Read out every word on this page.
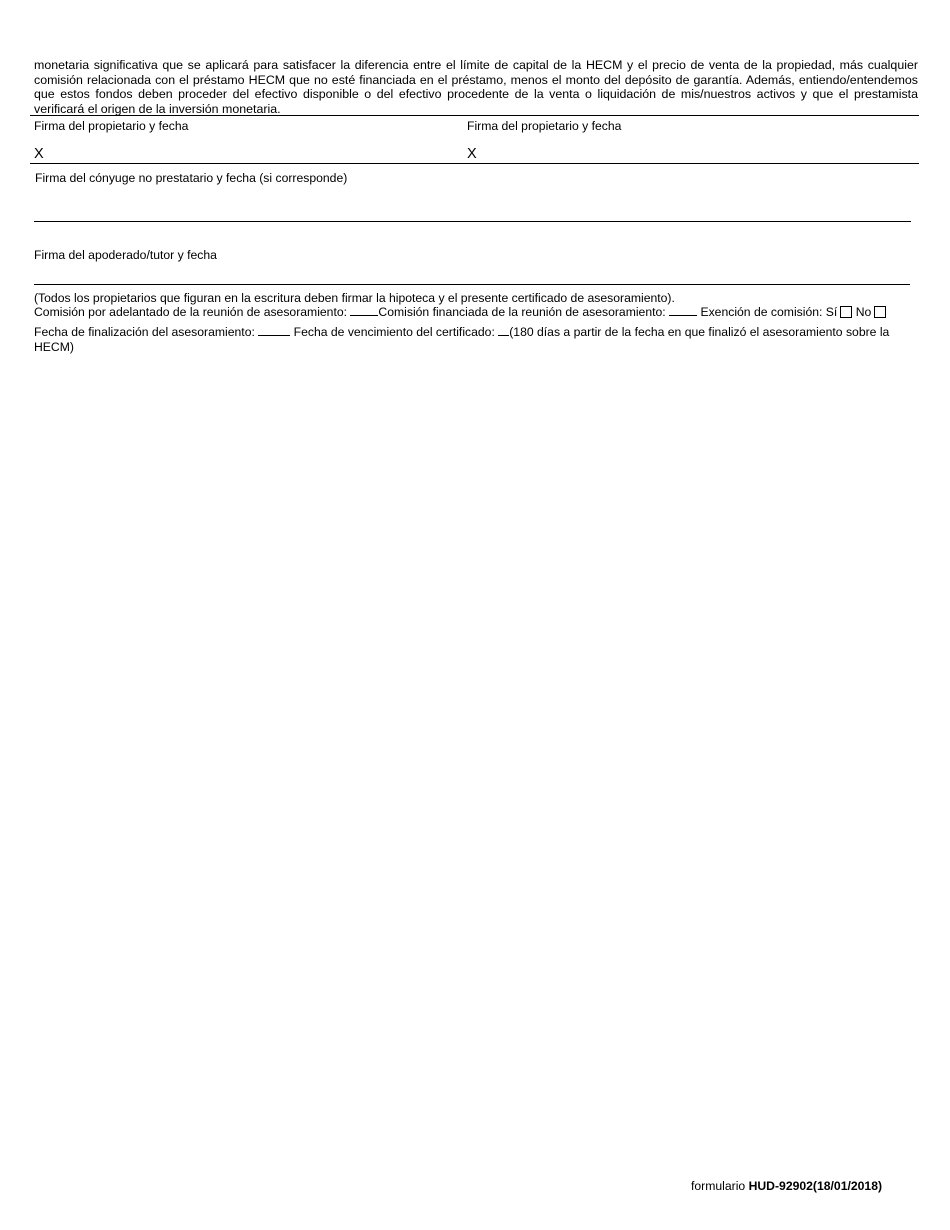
monetaria significativa que se aplicará para satisfacer la diferencia entre el límite de capital de la HECM y el precio de venta de la propiedad, más cualquier comisión relacionada con el préstamo HECM que no esté financiada en el préstamo, menos el monto del depósito de garantía. Además, entiendo/entendemos que estos fondos deben proceder del efectivo disponible o del efectivo procedente de la venta o liquidación de mis/nuestros activos y que el prestamista verificará el origen de la inversión monetaria.
Firma del propietario y fecha
X
Firma del propietario y fecha
X
Firma del cónyuge no prestatario y fecha (si corresponde)
Firma del apoderado/tutor y fecha
(Todos los propietarios que figuran en la escritura deben firmar la hipoteca y el presente certificado de asesoramiento).
Comisión por adelantado de la reunión de asesoramiento:	Comisión financiada de la reunión de asesoramiento:	Exención de comisión: Sí No
Fecha de finalización del asesoramiento:	Fecha de vencimiento del certificado: (180 días a partir de la fecha en que finalizó el asesoramiento sobre la HECM)
formulario HUD-92902(18/01/2018)
